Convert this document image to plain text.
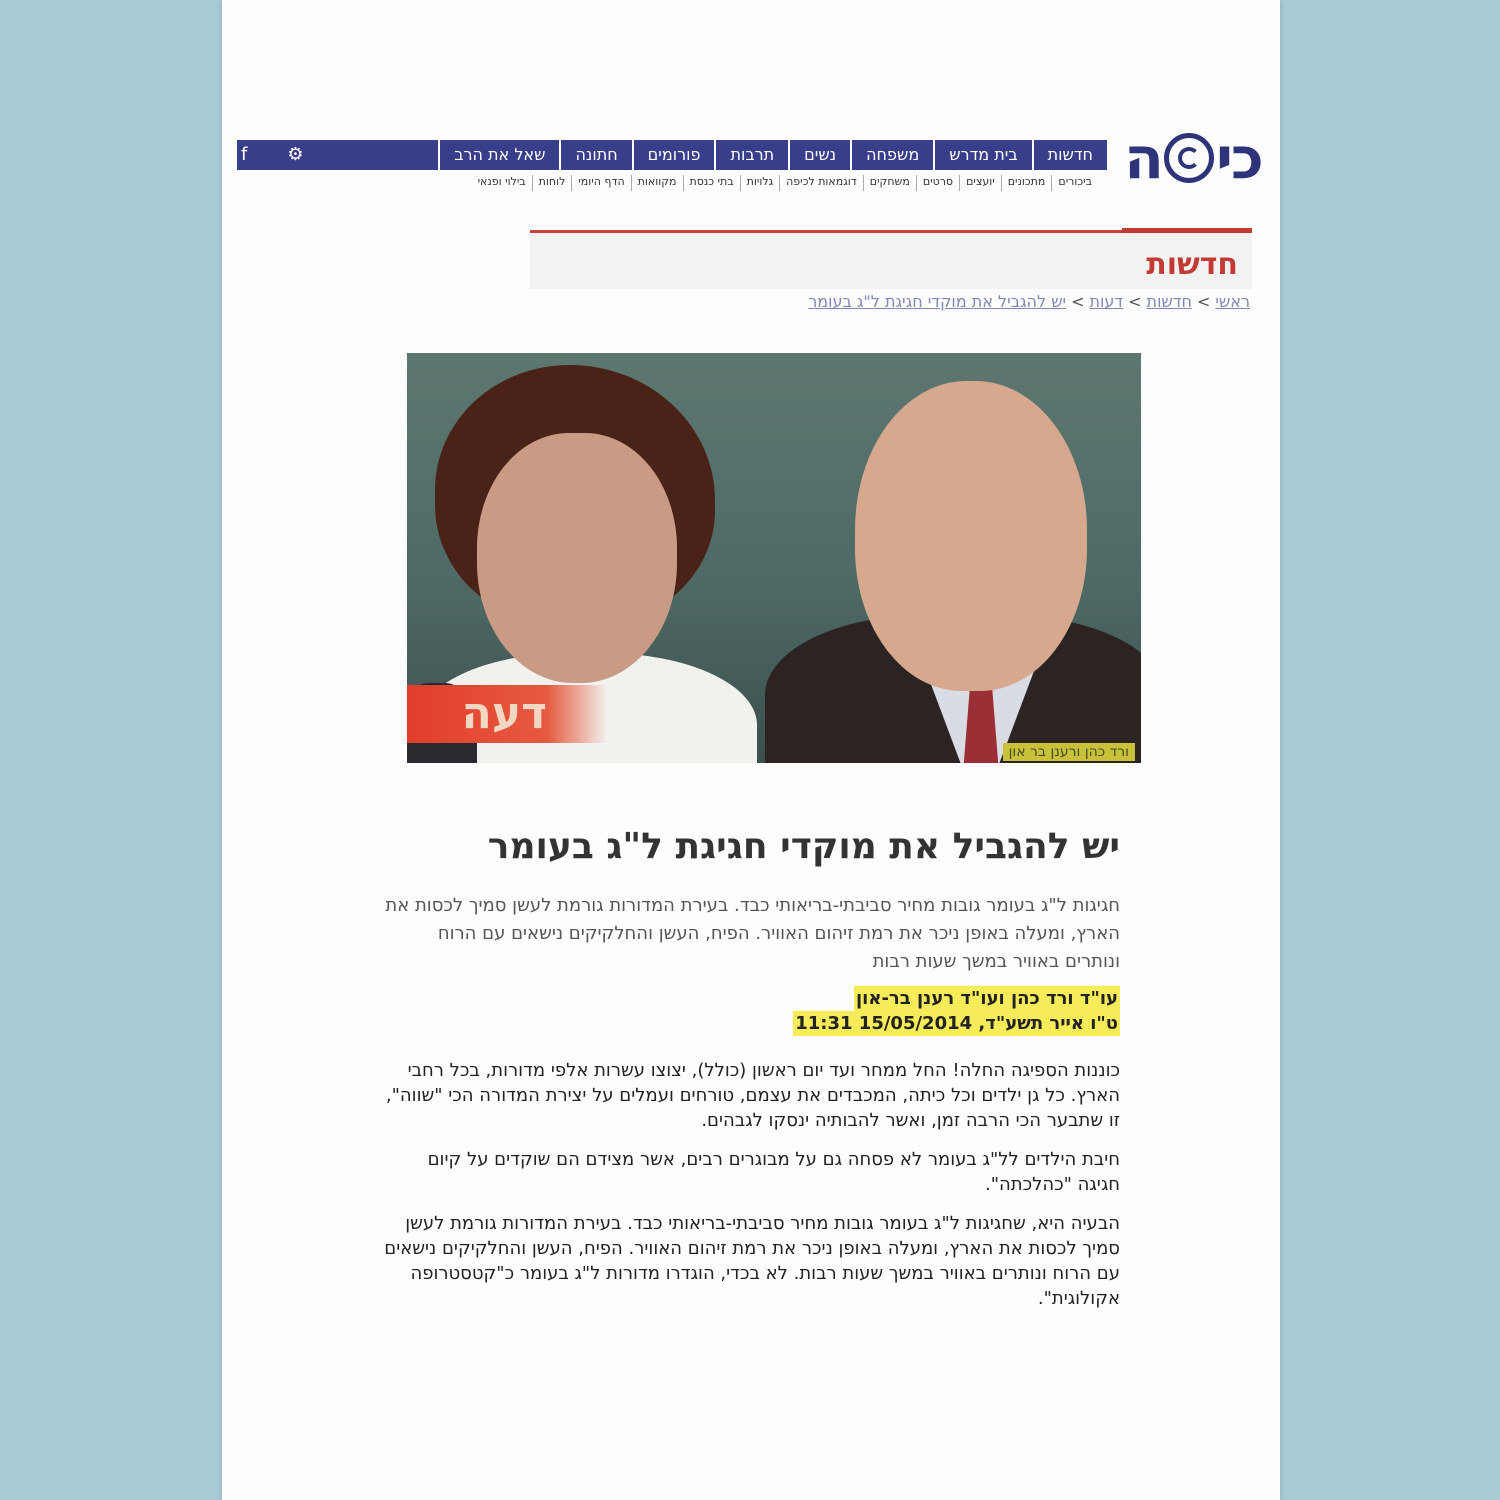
כי
ה
חדשות
בית מדרש
משפחה
נשים
תרבות
פורומים
חתונה
שאל את הרב
f ⚙
ביכורים
מתכונים
יועצים
סרטים
משחקים
דוגמאות לכיפה
גלויות
בתי כנסת
מקוואות
הדף היומי
לוחות
בילוי ופנאי
חדשות
ראשי>חדשות>דעות>יש להגביל את מוקדי חגיגת ל"ג בעומר
דעה
ורד כהן ורענן בר און
יש להגביל את מוקדי חגיגת ל"ג בעומר
חגיגות ל"ג בעומר גובות מחיר סביבתי-בריאותי כבד. בעירת המדורות גורמת לעשן סמיך לכסות את הארץ, ומעלה באופן ניכר את רמת זיהום האוויר. הפיח, העשן והחלקיקים נישאים עם הרוח ונותרים באוויר במשך שעות רבות
עו"ד ורד כהן ועו"ד רענן בר-און
ט"ו אייר תשע"ד, 15/05/2014 11:31

כוננות הספיגה החלה! החל ממחר ועד יום ראשון (כולל), יצוצו עשרות אלפי מדורות, בכל רחבי הארץ. כל גן ילדים וכל כיתה, המכבדים את עצמם, טורחים ועמלים על יצירת המדורה הכי "שווה", זו שתבער הכי הרבה זמן, ואשר להבותיה ינסקו לגבהים.

חיבת הילדים לל"ג בעומר לא פסחה גם על מבוגרים רבים, אשר מצידם הם שוקדים על קיום חגיגה "כהלכתה".

הבעיה היא, שחגיגות ל"ג בעומר גובות מחיר סביבתי-בריאותי כבד. בעירת המדורות גורמת לעשן סמיך לכסות את הארץ, ומעלה באופן ניכר את רמת זיהום האוויר. הפיח, העשן והחלקיקים נישאים עם הרוח ונותרים באוויר במשך שעות רבות. לא בכדי, הוגדרו מדורות ל"ג בעומר כ"קטסטרופה אקולוגית".
